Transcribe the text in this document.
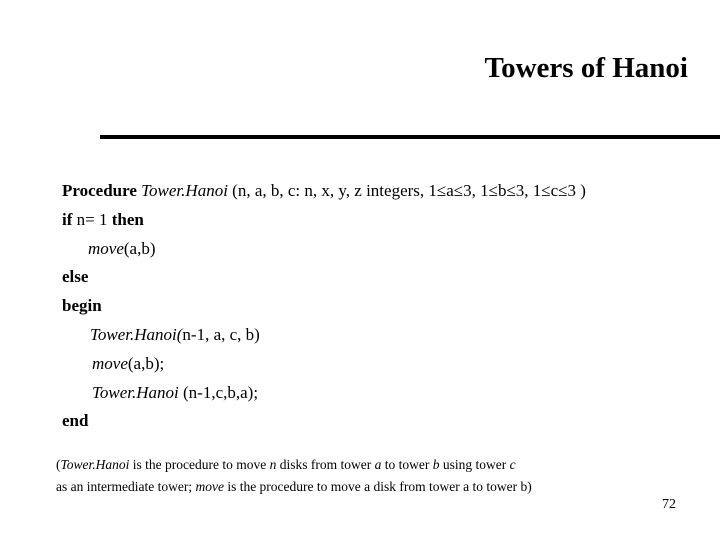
Towers of Hanoi
Procedure Tower.Hanoi (n, a, b, c: n, x, y, z integers, 1≤a≤3, 1≤b≤3, 1≤c≤3 )
if n= 1 then
move(a,b)
else
begin
Tower.Hanoi(n-1, a, c, b)
move(a,b);
Tower.Hanoi (n-1,c,b,a);
end
(Tower.Hanoi is the procedure to move n disks from tower a to tower b using tower c
as an intermediate tower; move is the procedure to move a disk from tower a to tower b)
72
